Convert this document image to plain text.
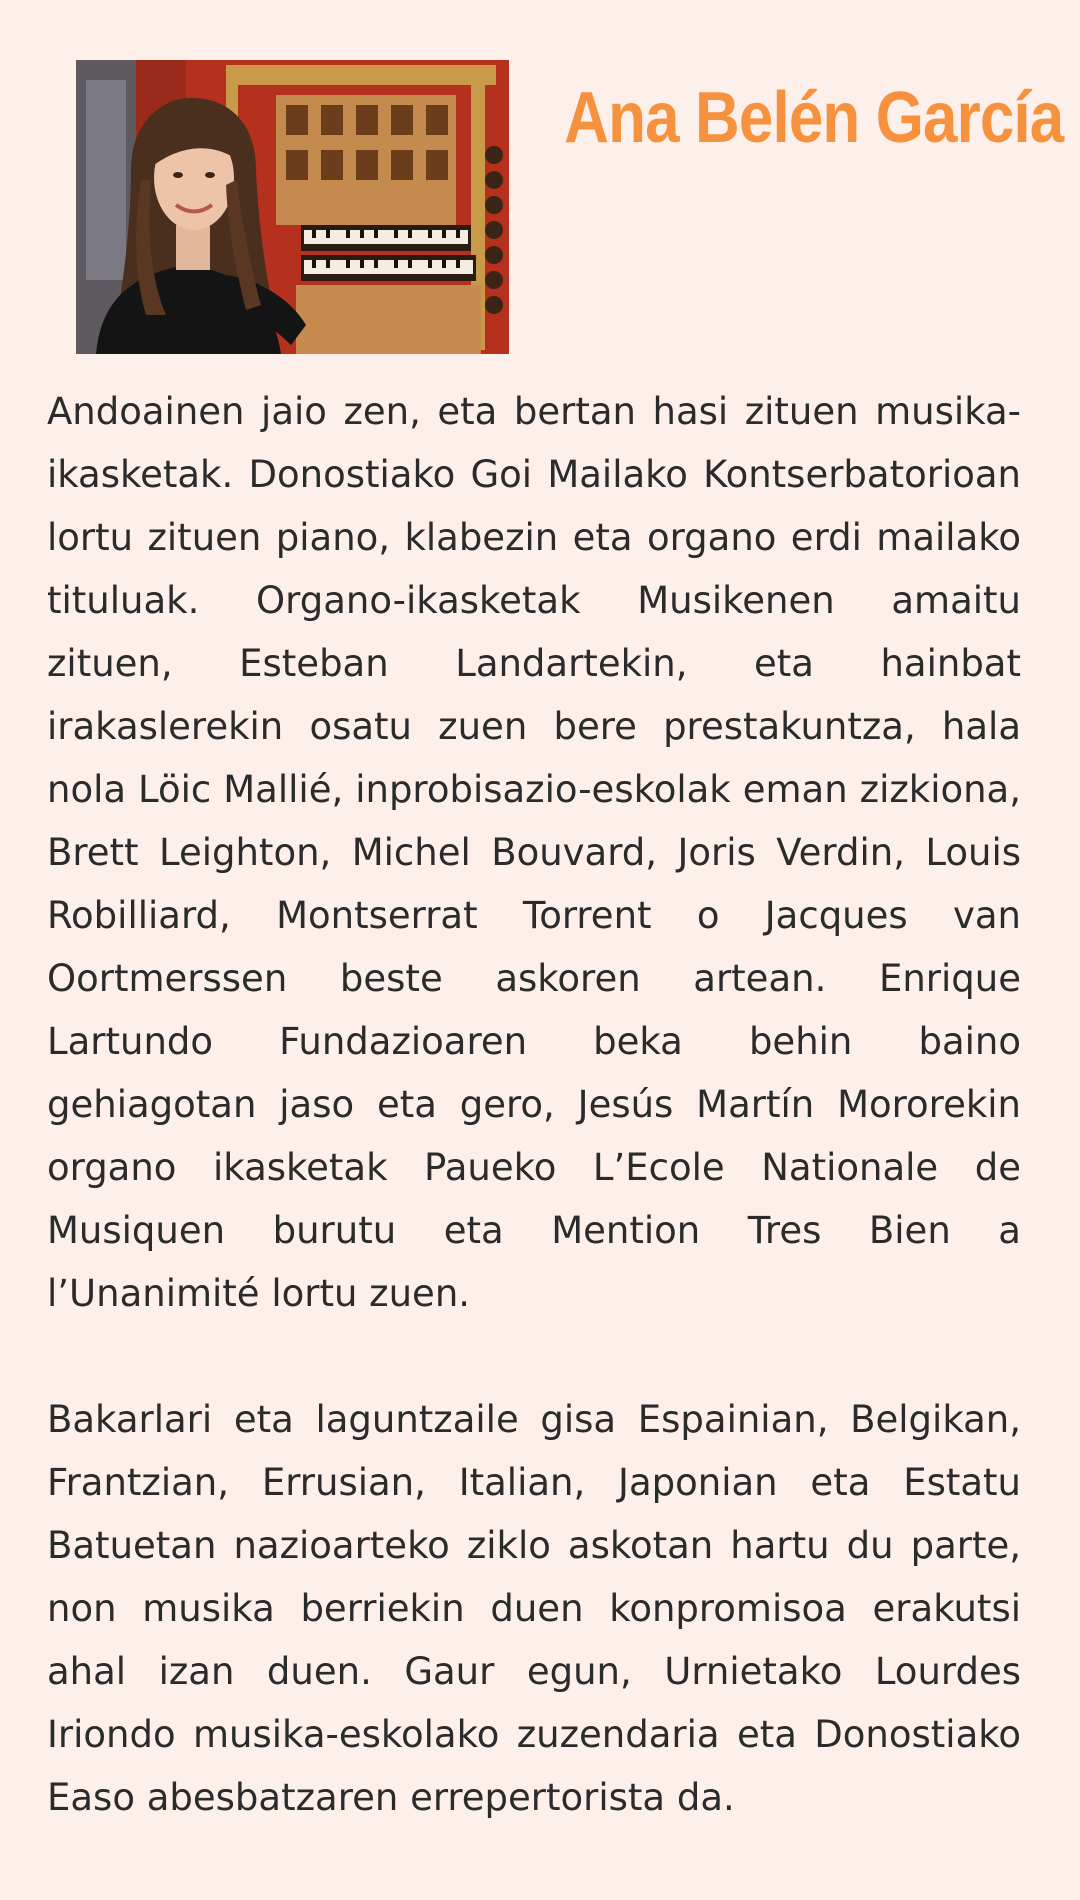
Ana Belén García

Andoainen jaio zen, eta bertan hasi zituen musika-ikasketak. Donostiako Goi Mailako Kontserbatorioan lortu zituen piano, klabezin eta organo erdi mailako tituluak. Organo-ikasketak Musikenen amaitu zituen, Esteban Landartekin, eta hainbat irakaslerekin osatu zuen bere prestakuntza, hala nola Löic Mallié, inprobisazio-eskolak eman zizkiona, Brett Leighton, Michel Bouvard, Joris Verdin, Louis Robilliard, Montserrat Torrent o Jacques van Oortmerssen beste askoren artean. Enrique Lartundo Fundazioaren beka behin baino gehiagotan jaso eta gero, Jesús Martín Mororekin organo ikasketak Paueko L’Ecole Nationale de Musiquen burutu eta Mention Tres Bien a l’Unanimité lortu zuen.

Bakarlari eta laguntzaile gisa Espainian, Belgikan, Frantzian, Errusian, Italian, Japonian eta Estatu Batuetan nazioarteko ziklo askotan hartu du parte, non musika berriekin duen konpromisoa erakutsi ahal izan duen. Gaur egun, Urnietako Lourdes Iriondo musika-eskolako zuzendaria eta Donostiako Easo abesbatzaren errepertorista da.
